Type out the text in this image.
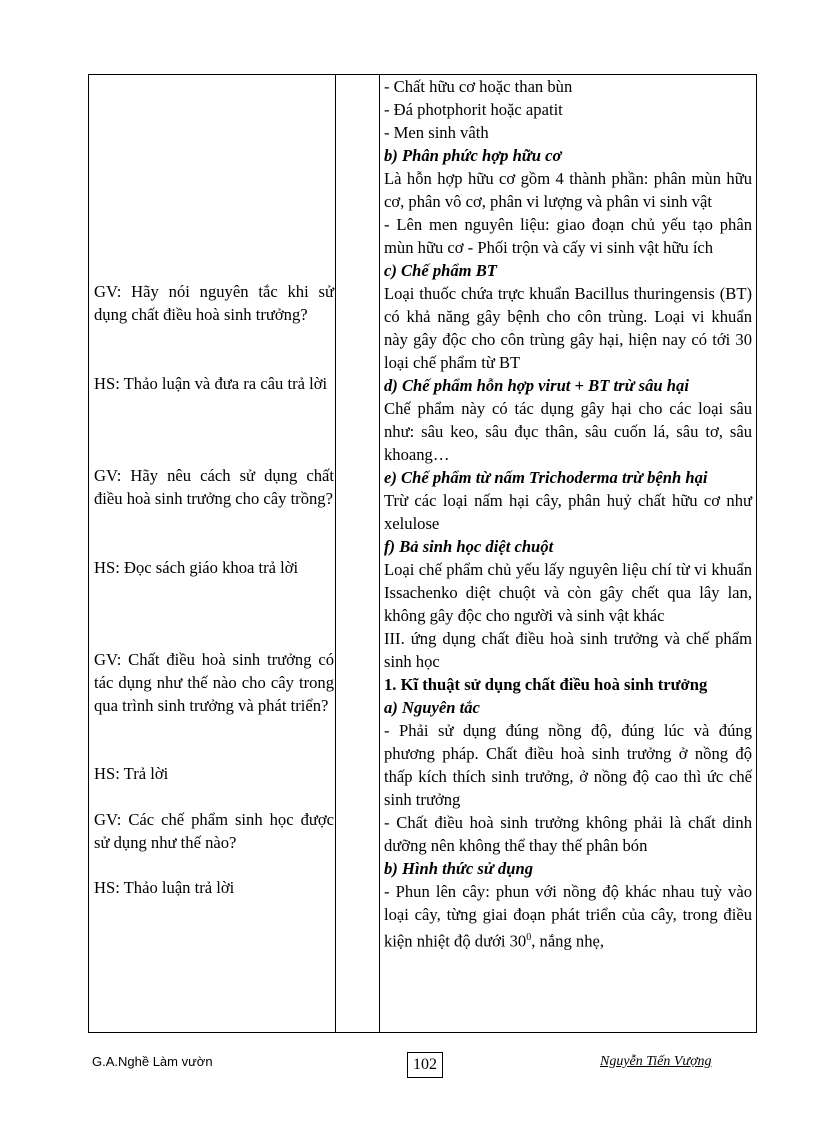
GV: Hãy nói nguyên tắc khi sử dụng chất điều hoà sinh trưởng?

HS: Thảo luận và đưa ra câu trả lời

GV: Hãy nêu cách sử dụng chất điều hoà sinh trưởng cho cây trồng?

HS: Đọc sách giáo khoa trả lời

GV: Chất điều hoà sinh trưởng có tác dụng như thế nào cho cây trong qua trình sinh trưởng và phát triển?

HS: Trả lời

GV: Các chế phẩm sinh học được sử dụng như thế nào?

HS: Thảo luận trả lời

- Chất hữu cơ hoặc than bùn

- Đá photphorit hoặc apatit

- Men sinh vâth

b) Phân phức hợp hữu cơ

Là hỗn hợp hữu cơ gồm 4 thành phần: phân mùn hữu cơ, phân vô cơ, phân vi lượng và phân vi sinh vật

- Lên men nguyên liệu: giao đoạn chủ yếu tạo phân mùn hữu cơ - Phối trộn và cấy vi sinh vật hữu ích

c) Chế phẩm BT

Loại thuốc chứa trực khuẩn Bacillus thuringensis (BT) có khả năng gây bệnh cho côn trùng. Loại vi khuẩn này gây độc cho côn trùng gây hại, hiện nay có tới 30 loại chế phẩm từ BT

d) Chế phẩm hỗn hợp virut + BT trừ sâu hại

Chế phẩm này có tác dụng gây hại cho các loại sâu như: sâu keo, sâu đục thân, sâu cuốn lá, sâu tơ, sâu khoang…

e) Chế phẩm từ nấm Trichoderma trừ bệnh hại

Trừ các loại nấm hại cây, phân huỷ chất hữu cơ như xelulose

f) Bả sinh học diệt chuột

Loại chế phẩm chủ yếu lấy nguyên liệu chí từ vi khuẩn Issachenko diệt chuột và còn gây chết qua lây lan, không gây độc cho người và sinh vật khác

III. ứng dụng chất điều hoà sinh trưởng và chế phẩm sinh học

1. Kĩ thuật sử dụng chất điều hoà sinh trưởng

a) Nguyên tắc

- Phải sử dụng đúng nồng độ, đúng lúc và đúng phương pháp. Chất điều hoà sinh trưởng ở nồng độ thấp kích thích sinh trưởng, ở nồng độ cao thì ức chế sinh trưởng

- Chất điều hoà sinh trưởng không phải là chất dinh dưỡng nên không thể thay thế phân bón

b) Hình thức sử dụng

- Phun lên cây: phun với nồng độ khác nhau tuỳ vào loại cây, từng giai đoạn phát triển của cây, trong điều kiện nhiệt độ dưới $30^0$, nắng nhẹ,

G.A.Nghề Làm vườn	102	Nguyễn Tiến Vượng
